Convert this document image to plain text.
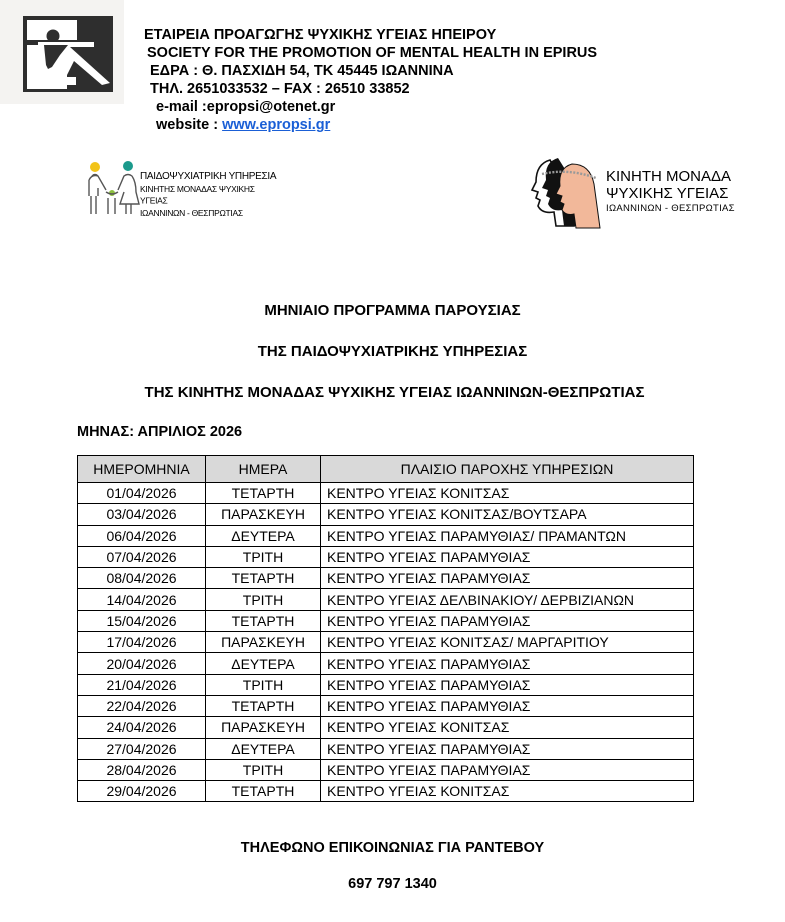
ΕΤΑΙΡΕΙΑ ΠΡΟΑΓΩΓΗΣ ΨΥΧΙΚΗΣ ΥΓΕΙΑΣ ΗΠΕΙΡΟΥ
SOCIETY FOR THE PROMOTION OF MENTAL HEALTH IN EPIRUS
ΕΔΡΑ : Θ. ΠΑΣΧΙΔΗ 54, ΤΚ 45445 ΙΩΑΝΝΙΝΑ
ΤΗΛ. 2651033532 – FAX : 26510 33852
e-mail :epropsi@otenet.gr
website : www.epropsi.gr
ΠΑΙΔΟΨΥΧΙΑΤΡΙΚΗ ΥΠΗΡΕΣΙΑ
ΚΙΝΗΤΗΣ ΜΟΝΑΔΑΣ ΨΥΧΙΚΗΣ ΥΓΕΙΑΣ
ΙΩΑΝΝΙΝΩΝ - ΘΕΣΠΡΩΤΙΑΣ
ΚΙΝΗΤΗ ΜΟΝΑΔΑ
ΨΥΧΙΚΗΣ ΥΓΕΙΑΣ
ΙΩΑΝΝΙΝΩΝ - ΘΕΣΠΡΩΤΙΑΣ
ΜΗΝΙΑΙΟ ΠΡΟΓΡΑΜΜΑ ΠΑΡΟΥΣΙΑΣ
ΤΗΣ ΠΑΙΔΟΨΥΧΙΑΤΡΙΚΗΣ ΥΠΗΡΕΣΙΑΣ
ΤΗΣ ΚΙΝΗΤΗΣ ΜΟΝΑΔΑΣ ΨΥΧΙΚΗΣ ΥΓΕΙΑΣ ΙΩΑΝΝΙΝΩΝ-ΘΕΣΠΡΩΤΙΑΣ
ΜΗΝΑΣ: ΑΠΡΙΛΙΟΣ 2026
ΗΜΕΡΟΜΗΝΙΑ	ΗΜΕΡΑ	ΠΛΑΙΣΙΟ ΠΑΡΟΧΗΣ ΥΠΗΡΕΣΙΩΝ
01/04/2026	ΤΕΤΑΡΤΗ	ΚΕΝΤΡΟ ΥΓΕΙΑΣ ΚΟΝΙΤΣΑΣ
03/04/2026	ΠΑΡΑΣΚΕΥΗ	ΚΕΝΤΡΟ ΥΓΕΙΑΣ ΚΟΝΙΤΣΑΣ/ΒΟΥΤΣΑΡΑ
06/04/2026	ΔΕΥΤΕΡΑ	ΚΕΝΤΡΟ ΥΓΕΙΑΣ ΠΑΡΑΜΥΘΙΑΣ/ ΠΡΑΜΑΝΤΩΝ
07/04/2026	ΤΡΙΤΗ	ΚΕΝΤΡΟ ΥΓΕΙΑΣ ΠΑΡΑΜΥΘΙΑΣ
08/04/2026	ΤΕΤΑΡΤΗ	ΚΕΝΤΡΟ ΥΓΕΙΑΣ ΠΑΡΑΜΥΘΙΑΣ
14/04/2026	ΤΡΙΤΗ	ΚΕΝΤΡΟ ΥΓΕΙΑΣ ΔΕΛΒΙΝΑΚΙΟΥ/ ΔΕΡΒΙΖΙΑΝΩΝ
15/04/2026	ΤΕΤΑΡΤΗ	ΚΕΝΤΡΟ ΥΓΕΙΑΣ ΠΑΡΑΜΥΘΙΑΣ
17/04/2026	ΠΑΡΑΣΚΕΥΗ	ΚΕΝΤΡΟ ΥΓΕΙΑΣ ΚΟΝΙΤΣΑΣ/ ΜΑΡΓΑΡΙΤΙΟΥ
20/04/2026	ΔΕΥΤΕΡΑ	ΚΕΝΤΡΟ ΥΓΕΙΑΣ ΠΑΡΑΜΥΘΙΑΣ
21/04/2026	ΤΡΙΤΗ	ΚΕΝΤΡΟ ΥΓΕΙΑΣ ΠΑΡΑΜΥΘΙΑΣ
22/04/2026	ΤΕΤΑΡΤΗ	ΚΕΝΤΡΟ ΥΓΕΙΑΣ ΠΑΡΑΜΥΘΙΑΣ
24/04/2026	ΠΑΡΑΣΚΕΥΗ	ΚΕΝΤΡΟ ΥΓΕΙΑΣ ΚΟΝΙΤΣΑΣ
27/04/2026	ΔΕΥΤΕΡΑ	ΚΕΝΤΡΟ ΥΓΕΙΑΣ ΠΑΡΑΜΥΘΙΑΣ
28/04/2026	ΤΡΙΤΗ	ΚΕΝΤΡΟ ΥΓΕΙΑΣ ΠΑΡΑΜΥΘΙΑΣ
29/04/2026	ΤΕΤΑΡΤΗ	ΚΕΝΤΡΟ ΥΓΕΙΑΣ ΚΟΝΙΤΣΑΣ
ΤΗΛΕΦΩΝΟ ΕΠΙΚΟΙΝΩΝΙΑΣ ΓΙΑ ΡΑΝΤΕΒΟΥ
697 797 1340
